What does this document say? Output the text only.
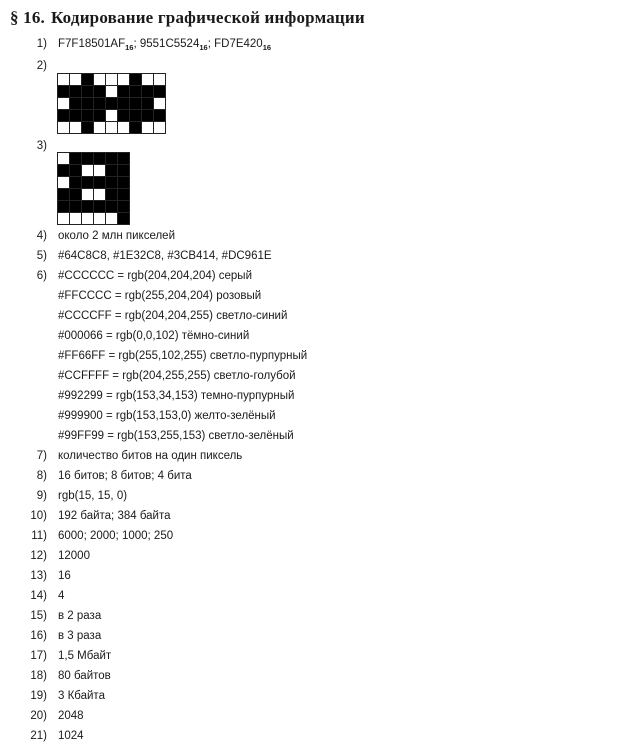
§ 16. Кодирование графической информации
1) $F7F18501AF_{16}$; $9551C5524_{16}$; $FD7E420_{16}$
2)
3)
4) около 2 млн пикселей
5) #64C8C8, #1E32C8, #3CB414, #DC961E
6) #CCCCCC = rgb(204,204,204) серый
#FFCCCC = rgb(255,204,204) розовый
#CCCCFF = rgb(204,204,255) светло-синий
#000066 = rgb(0,0,102) тёмно-синий
#FF66FF = rgb(255,102,255) светло-пурпурный
#CCFFFF = rgb(204,255,255) светло-голубой
#992299 = rgb(153,34,153) темно-пурпурный
#999900 = rgb(153,153,0) желто-зелёный
#99FF99 = rgb(153,255,153) светло-зелёный
7) количество битов на один пиксель
8) 16 битов; 8 битов; 4 бита
9) rgb(15, 15, 0)
10) 192 байта; 384 байта
11) 6000; 2000; 1000; 250
12) 12000
13) 16
14) 4
15) в 2 раза
16) в 3 раза
17) 1,5 Мбайт
18) 80 байтов
19) 3 Кбайта
20) 2048
21) 1024
